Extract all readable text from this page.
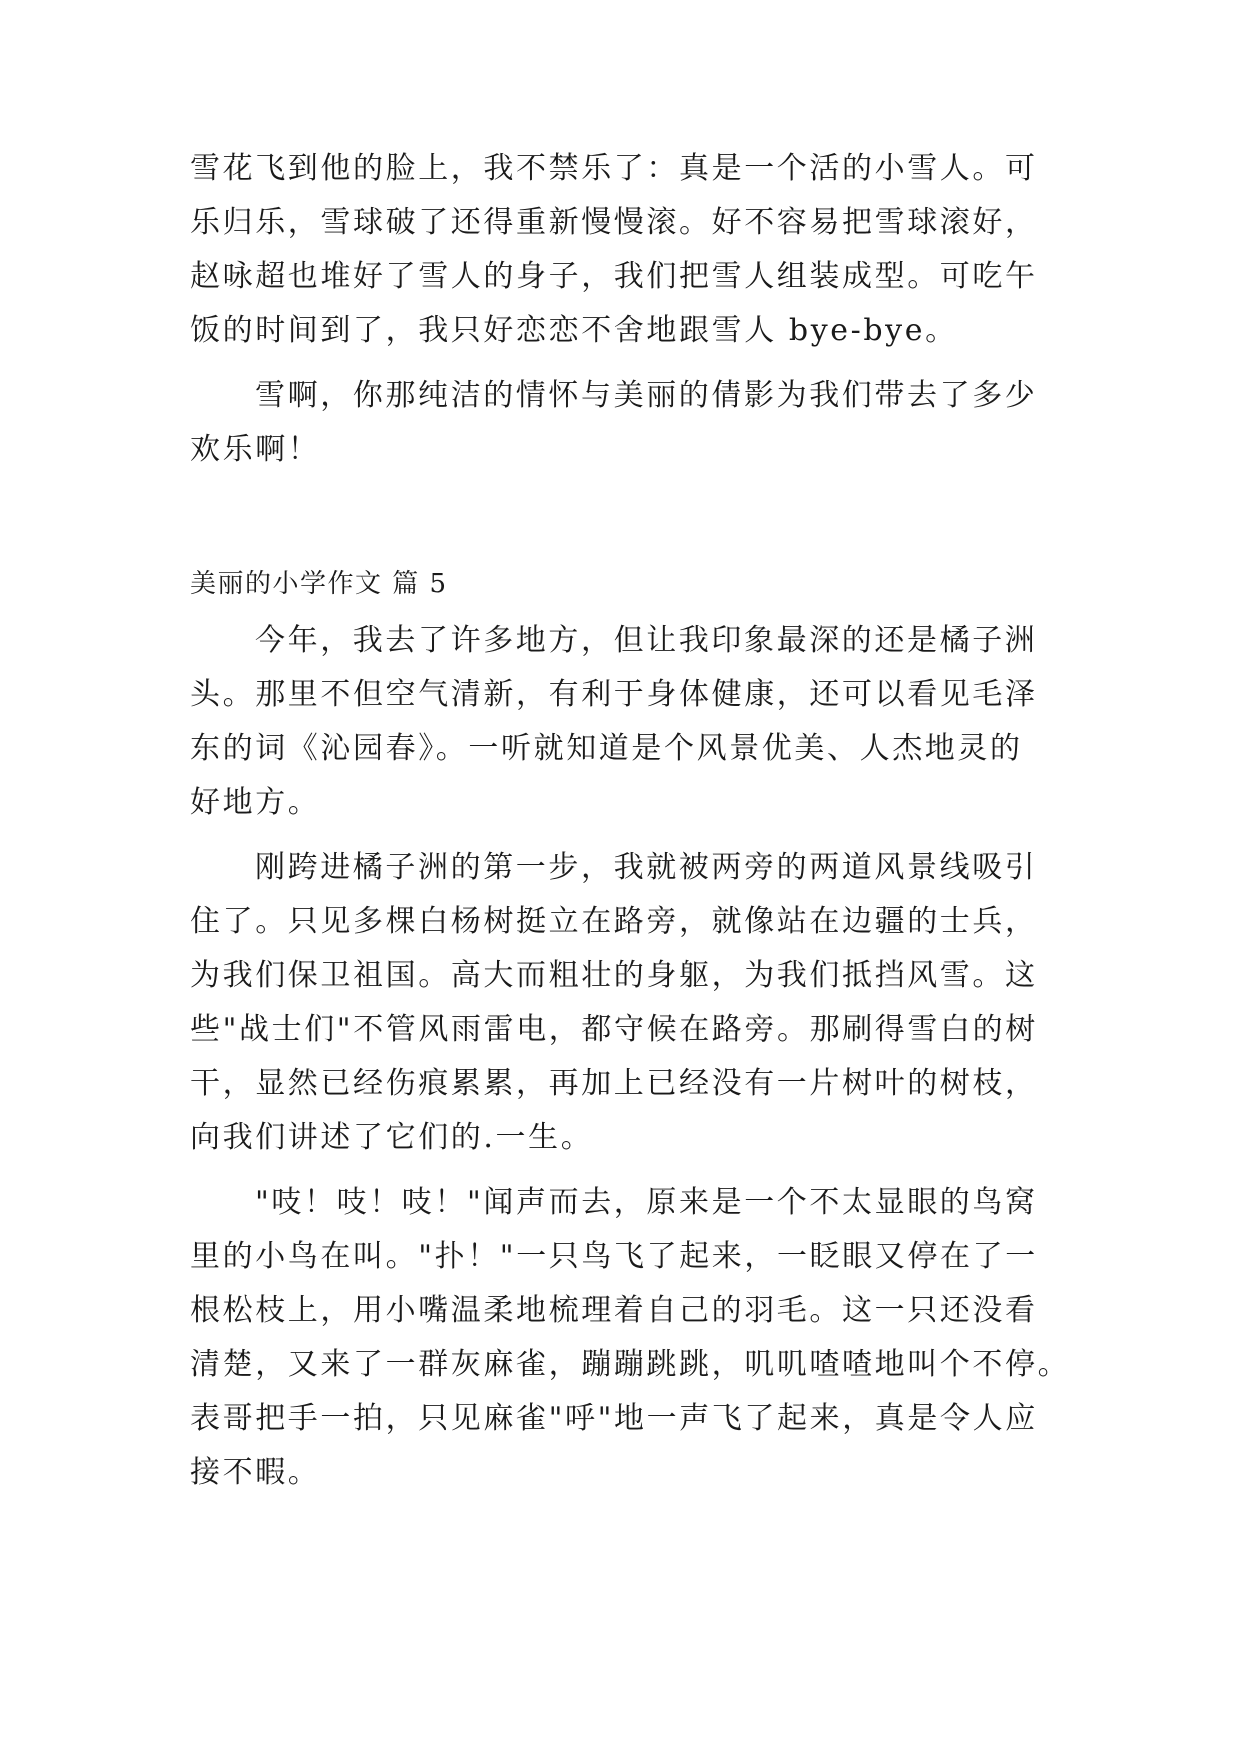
雪花飞到他的脸上，我不禁乐了：真是一个活的小雪人。可
乐归乐，雪球破了还得重新慢慢滚。好不容易把雪球滚好，
赵咏超也堆好了雪人的身子，我们把雪人组装成型。可吃午
饭的时间到了，我只好恋恋不舍地跟雪人 bye-bye。
雪啊，你那纯洁的情怀与美丽的倩影为我们带去了多少
欢乐啊！
美丽的小学作文 篇 5
今年，我去了许多地方，但让我印象最深的还是橘子洲
头。那里不但空气清新，有利于身体健康，还可以看见毛泽
东的词《沁园春》。一听就知道是个风景优美、人杰地灵的
好地方。
刚跨进橘子洲的第一步，我就被两旁的两道风景线吸引
住了。只见多棵白杨树挺立在路旁，就像站在边疆的士兵，
为我们保卫祖国。高大而粗壮的身躯，为我们抵挡风雪。这
些"战士们"不管风雨雷电，都守候在路旁。那刷得雪白的树
干，显然已经伤痕累累，再加上已经没有一片树叶的树枝，
向我们讲述了它们的.一生。
"吱！吱！吱！"闻声而去，原来是一个不太显眼的鸟窝
里的小鸟在叫。"扑！"一只鸟飞了起来，一眨眼又停在了一
根松枝上，用小嘴温柔地梳理着自己的羽毛。这一只还没看
清楚，又来了一群灰麻雀，蹦蹦跳跳，叽叽喳喳地叫个不停。
表哥把手一拍，只见麻雀"呼"地一声飞了起来，真是令人应
接不暇。
